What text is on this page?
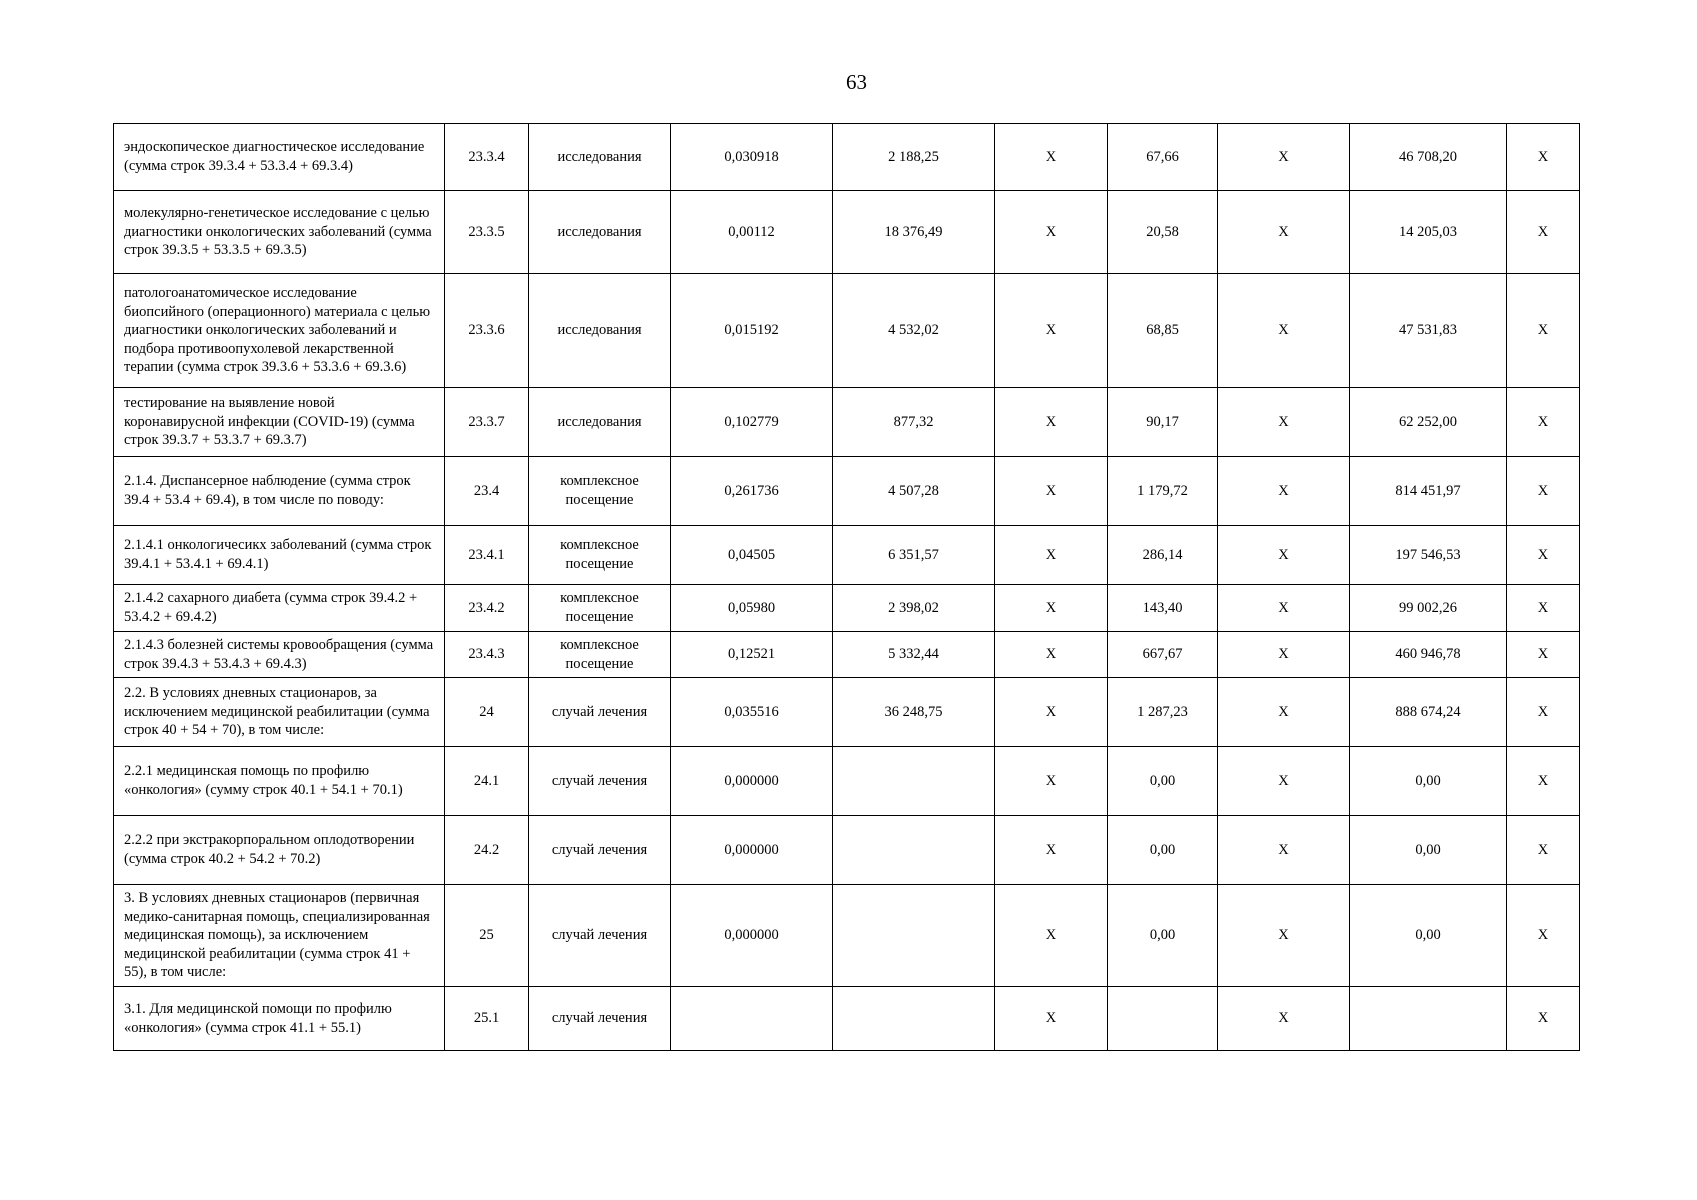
63
эндоскопическое диагностическое исследование (сумма строк 39.3.4 + 53.3.4 + 69.3.4)	23.3.4	исследования	0,030918	2 188,25	X	67,66	X	46 708,20	X
молекулярно-генетическое исследование с целью диагностики онкологических заболеваний (сумма строк 39.3.5 + 53.3.5 + 69.3.5)	23.3.5	исследования	0,00112	18 376,49	X	20,58	X	14 205,03	X
патологоанатомическое исследование биопсийного (операционного) материала с целью диагностики онкологических заболеваний и подбора противоопухолевой лекарственной терапии (сумма строк 39.3.6 + 53.3.6 + 69.3.6)	23.3.6	исследования	0,015192	4 532,02	X	68,85	X	47 531,83	X
тестирование на выявление новой коронавирусной инфекции (COVID-19) (сумма строк 39.3.7 + 53.3.7 + 69.3.7)	23.3.7	исследования	0,102779	877,32	X	90,17	X	62 252,00	X
2.1.4. Диспансерное наблюдение (сумма строк 39.4 + 53.4 + 69.4), в том числе по поводу:	23.4	комплексное посещение	0,261736	4 507,28	X	1 179,72	X	814 451,97	X
2.1.4.1 онкологичесикх заболеваний (сумма строк 39.4.1 + 53.4.1 + 69.4.1)	23.4.1	комплексное посещение	0,04505	6 351,57	X	286,14	X	197 546,53	X
2.1.4.2 сахарного диабета (сумма строк 39.4.2 + 53.4.2 + 69.4.2)	23.4.2	комплексное посещение	0,05980	2 398,02	X	143,40	X	99 002,26	X
2.1.4.3 болезней системы кровообращения (сумма строк 39.4.3 + 53.4.3 + 69.4.3)	23.4.3	комплексное посещение	0,12521	5 332,44	X	667,67	X	460 946,78	X
2.2. В условиях дневных стационаров, за исключением медицинской реабилитации (сумма строк 40 + 54 + 70), в том числе:	24	случай лечения	0,035516	36 248,75	X	1 287,23	X	888 674,24	X
2.2.1 медицинская помощь по профилю «онкология» (сумму строк 40.1 + 54.1 + 70.1)	24.1	случай лечения	0,000000		X	0,00	X	0,00	X
2.2.2 при экстракорпоральном оплодотворении (сумма строк 40.2 + 54.2 + 70.2)	24.2	случай лечения	0,000000		X	0,00	X	0,00	X
3. В условиях дневных стационаров (первичная медико-санитарная помощь, специализированная медицинская помощь), за исключением медицинской реабилитации (сумма строк 41 + 55), в том числе:	25	случай лечения	0,000000		X	0,00	X	0,00	X
3.1. Для медицинской помощи по профилю «онкология» (сумма строк 41.1 + 55.1)	25.1	случай лечения			X		X		X
